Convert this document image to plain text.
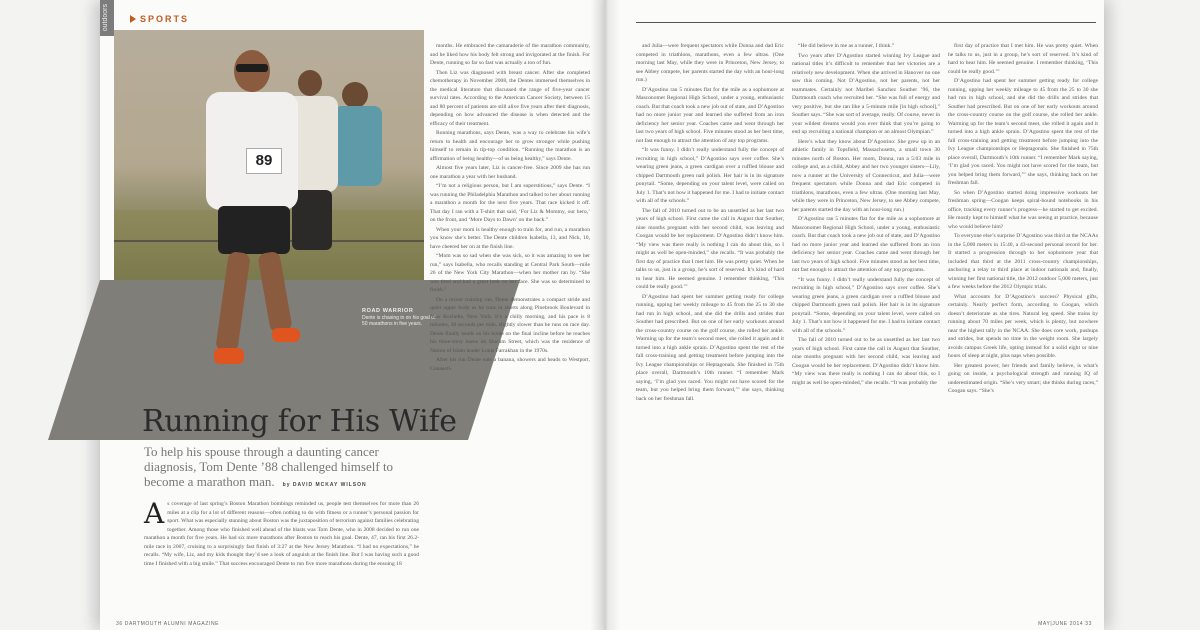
outdoors	SPORTS
89
ROAD WARRIOR
Dente is chasing in on his goal of 50 marathons in five years.
Running for His Wife
To help his spouse through a daunting cancer diagnosis, Tom Dente ’88 challenged himself to become a marathon man. by DAVID MCKAY WILSON
As coverage of last spring’s Boston Marathon bombings reminded us, people test themselves for more than 26 miles at a clip for a lot of different reasons—often nothing to do with fitness or a runner’s personal passion for sport. What was especially stunning about Boston was the juxtaposition of terrorism against families celebrating together. Among those who finished well ahead of the blasts was Tom Dente, who in 2008 decided to run one marathon a month for five years. He had six more marathons after Boston to reach his goal. Dente, 47, ran his first 26.2-mile race in 2007, cruising to a surprisingly fast finish of 3:27 at the New Jersey Marathon. “I had no expectations,” he recalls. “My wife, Liz, and my kids thought they’d see a look of anguish at the finish line. But I was having such a good time I finished with a big smile.” That success encouraged Dente to run five more marathons during the ensuing 18

months. He embraced the camaraderie of the marathon community, and he liked how his body felt strong and invigorated at the finish. For Dente, running so far so fast was actually a ton of fun.

Then Liz was diagnosed with breast cancer. After she completed chemotherapy in November 2008, the Dentes immersed themselves in the medical literature that discussed the range of five-year cancer survival rates. According to the American Cancer Society, between 15 and 80 percent of patients are still alive five years after their diagnosis, depending on how advanced the disease is when detected and the efficacy of their treatment.

Running marathons, says Dente, was a way to celebrate his wife’s return to health and encourage her to grow stronger while pushing himself to remain in tip-top condition. “Running the marathon is an affirmation of being healthy—of us being healthy,” says Dente.

Almost five years later, Liz is cancer-free. Since 2009 she has run one marathon a year with her husband.

“I’m not a religious person, but I am superstitious,” says Dente. “I was running the Philadelphia Marathon and talked to her about running a marathon a month for the next five years. That race kicked it off. That day I ran with a T-shirt that said, ‘For Liz & Mommy, our hero,’ on the front, and ‘More Days to Dawn’ on the back.”

When your mom is healthy enough to train for, and run, a marathon you know she’s better. The Dente children Isabella, 13, and Nick, 10, have cheered her on at the finish line.

“Mom was so sad when she was sick, so it was amazing to see her run,” says Isabella, who recalls standing at Central Park South—mile 26 of the New York City Marathon—when her mother ran by. “She was tired and had a great look on her face. She was so determined to finish.”

On a recent training run, Dente demonstrates a compact stride and quiet upper body as he runs in shorts along Pinebrook Boulevard in New Rochelle, New York. It’s a chilly morning, and his pace is 8 minutes, 30 seconds per mile, slightly slower than he runs on race day. Dente finally heads on his home on the final incline before he reaches his three-story home on Slocum Street, which was the residence of Nation of Islam leader Louis Farrakhan in the 1970s.

After his run Dente eats a banana, showers and heads to Westport, Connecti-

36 DARTMOUTH ALUMNI MAGAZINE

and Julia—were frequent spectators while Donna and dad Eric competed in triathlons, marathons, even a few ultras. (One morning last May, while they were in Princeton, New Jersey, to see Abbey compete, her parents started the day with an hour-long run.)

D’Agostino ran 5 minutes flat for the mile as a sophomore at Masconomet Regional High School, under a young, enthusiastic coach. But that coach took a new job out of state, and D’Agostino had no more junior year and learned she suffered from an iron deficiency her senior year. Coaches came and went through her last two years of high school. Five minutes stood as her best time, not fast enough to attract the attention of any top programs.

“It was funny. I didn’t really understand fully the concept of recruiting in high school,” D’Agostino says over coffee. She’s wearing green jeans, a green cardigan over a ruffled blouse and chipped Dartmouth green nail polish. Her hair is in its signature ponytail. “Some, depending on your talent level, were called on July 1. That’s not how it happened for me. I had to initiate contact with all of the schools.”

The fall of 2010 turned out to be an unsettled as her last two years of high school. First came the call in August that Souther, nine months pregnant with her second child, was leaving and Coogan would be her replacement. D’Agostino didn’t know him. “My view was there really is nothing I can do about this, so I might as well be open-minded,” she recalls. “It was probably the first day of practice that I met him. He was pretty quiet. When he talks to us, just in a group, he’s sort of reserved. It’s kind of hard to hear him. He seemed genuine. I remember thinking, ‘This could be really good.’”

D’Agostino had spent her summer getting ready for college running, upping her weekly mileage to 45 from the 25 to 30 she had run in high school, and she did the drills and strides that Souther had prescribed. But on one of her early workouts around the cross-country course on the golf course, she rolled her ankle. Warming up for the team’s second meet, she rolled it again and it turned into a high ankle sprain. D’Agostino spent the rest of the fall cross-training and getting treatment before jumping into the Ivy League championships or Heptagonals. She finished in 75th place overall, Dartmouth’s 10th runner. “I remember Mark saying, ‘I’m glad you raced. You might not have scored for the team, but you helped bring them forward,’” she says, thinking back on her freshman fall.

“He did believe in me as a runner, I think.”

Two years after D’Agostino started winning Ivy League and national titles it’s difficult to remember that her victories are a relatively new development. When she arrived in Hanover no one saw this coming. Not D’Agostino, not her parents, not her teammates. Certainly not Maribel Sanchez Souther ’96, the Dartmouth coach who recruited her. “She was full of energy and very positive, but she ran like a 5-minute mile [in high school],” Souther says. “She was sort of average, really. Of course, never in your wildest dreams would you ever think that you’re going to end up recruiting a national champion or an almost Olympian.”

Here’s what they know about D’Agostino: She grew up in an athletic family in Topsfield, Massachusetts, a small town 30 minutes north of Boston. Her mom, Donna, ran a 5:03 mile in college and, as a child, Abbey and her two younger sisters—Lily, now a runner at the University of Connecticut, and Julia—were frequent spectators while Donna and dad Eric competed in triathlons, marathons, even a few ultras. (One morning last May, while they were in Princeton, New Jersey, to see Abbey compete, her parents started the day with an hour-long run.)

D’Agostino ran 5 minutes flat for the mile as a sophomore at Masconomet Regional High School, under a young, enthusiastic coach. But that coach took a new job out of state, and D’Agostino had no more junior year and learned she suffered from an iron deficiency her senior year. Coaches came and went through her last two years of high school. Five minutes stood as her best time, not fast enough to attract the attention of any top programs.

“It was funny. I didn’t really understand fully the concept of recruiting in high school,” D’Agostino says over coffee. She’s wearing green jeans, a green cardigan over a ruffled blouse and chipped Dartmouth green nail polish. Her hair is in its signature ponytail. “Some, depending on your talent level, were called on July 1. That’s not how it happened for me. I had to initiate contact with all of the schools.”

The fall of 2010 turned out to be as unsettled as her last two years of high school. First came the call in August that Souther, nine months pregnant with her second child, was leaving and Coogan would be her replacement. D’Agostino didn’t know him. “My view was there really is nothing I can do about this, so I might as well be open-minded,” she recalls. “It was probably the

first day of practice that I met him. He was pretty quiet. When he talks to us, just in a group, he’s sort of reserved. It’s kind of hard to hear him. He seemed genuine. I remember thinking, ‘This could be really good.’”

D’Agostino had spent her summer getting ready for college running, upping her weekly mileage to 45 from the 25 to 30 she had run in high school, and she did the drills and strides that Souther had prescribed. But on one of her early workouts around the cross-country course on the golf course, she rolled her ankle. Warming up for the team’s second meet, she rolled it again and it turned into a high ankle sprain. D’Agostino spent the rest of the fall cross-training and getting treatment before jumping into the Ivy League championships or Heptagonals. She finished in 75th place overall, Dartmouth’s 10th runner. “I remember Mark saying, ‘I’m glad you raced. You might not have scored for the team, but you helped bring them forward,’” she says, thinking back on her freshman fall.

So when D’Agostino started doing impressive workouts her freshman spring—Coogan keeps spiral-bound notebooks in his office, tracking every runner’s progress—he started to get excited. He mostly kept to himself what he was seeing at practice, because who would believe him?

To everyone else’s surprise D’Agostino was third at the NCAAs in the 5,000 meters in 15:40, a 43-second personal record for her. It started a progression through to her sophomore year that included that third at the 2011 cross-country championships, anchoring a relay to third place at indoor nationals and, finally, winning her first national title, the 2012 outdoor 5,000 meters, just a few weeks before the 2012 Olympic trials.

What accounts for D’Agostino’s success? Physical gifts, certainly. Nearly perfect form, according to Coogan, which doesn’t deteriorate as she tires. Natural leg speed. She trains by running about 70 miles per week, which is plenty, but nowhere near the highest tally in the NCAA. She does core work, pushups and strides, but spends no time in the weight room. She largely avoids campus Greek life, opting instead for a solid eight or nine hours of sleep at night, plus naps when possible.

Her greatest power, her friends and family believe, is what’s going on inside, a psychological strength and running IQ of underestimated origin. “She’s very smart; she thinks during races,” Coogan says. “She’s

MAY|JUNE 2014 33
